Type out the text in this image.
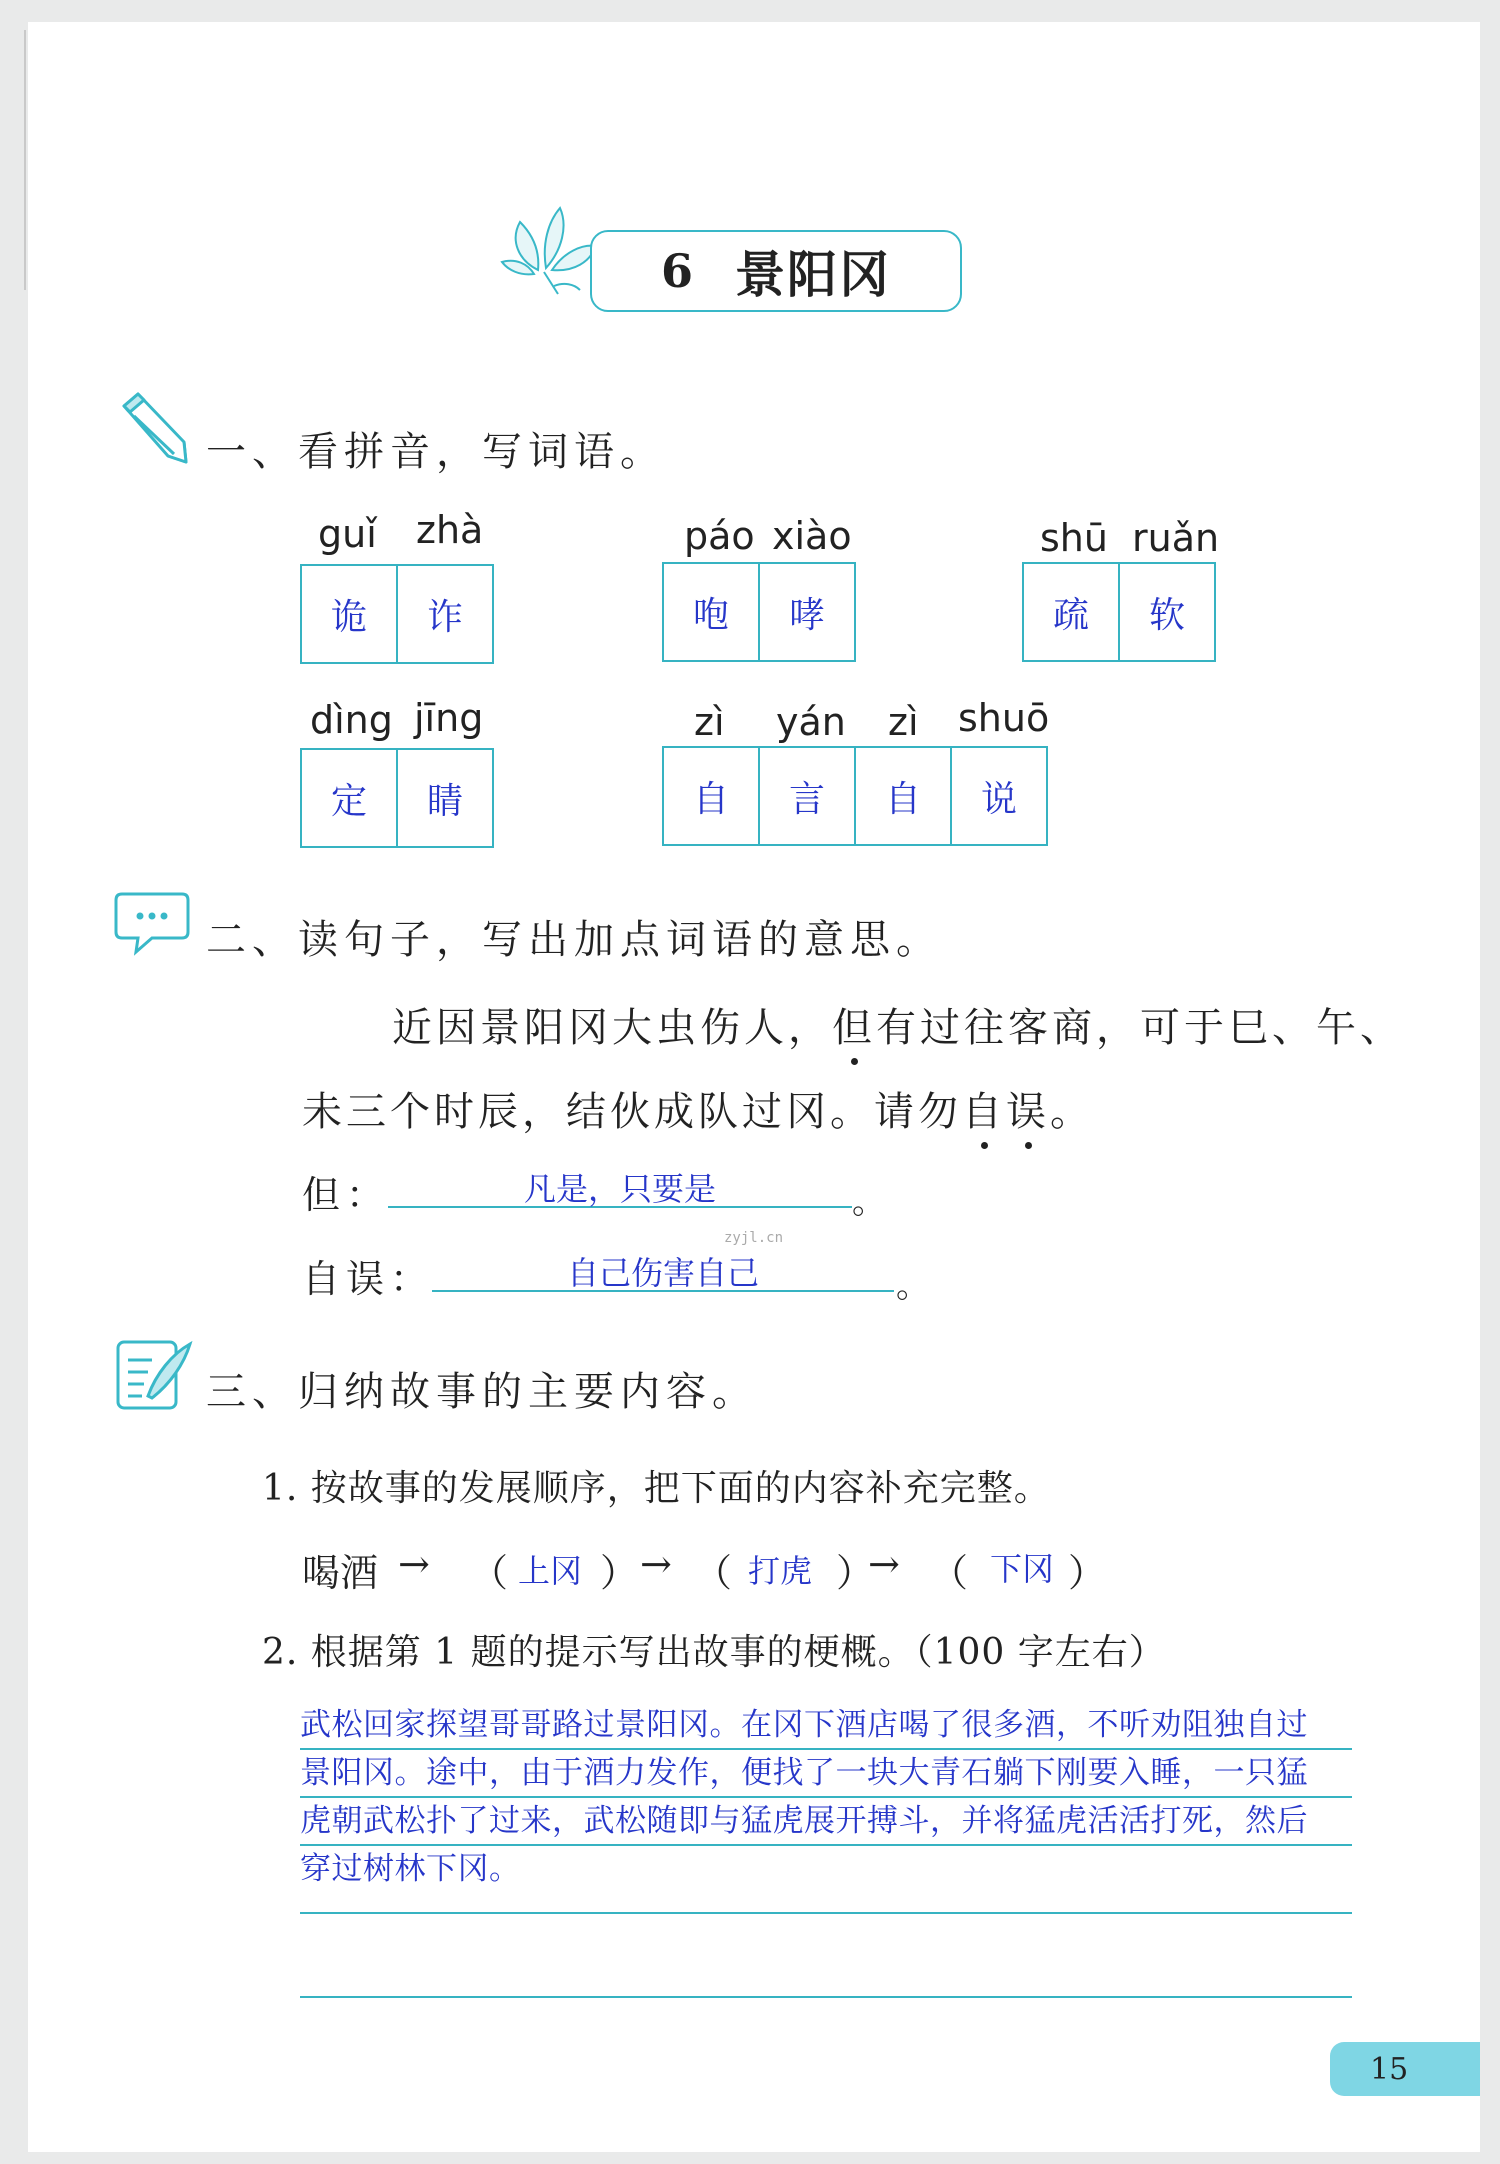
6 景阳冈
一、看拼音，写词语。
guǐ zhà
诡	诈
páo xiào
咆	哮
shū ruǎn
疏	软
dìng jīng
定	睛
zì yán zì shuō
自	言	自	说
二、读句子，写出加点词语的意思。
近因景阳冈大虫伤人，但有过往客商，可于巳、午、
未三个时辰，结伙成队过冈。请勿自误。
但：	凡是，只要是	。
zyjl.cn
自误：	自己伤害自己	。
三、归纳故事的主要内容。
1. 按故事的发展顺序，把下面的内容补充完整。
喝酒 → （ 上冈 ） → （ 打虎 ）
→ （ 下冈 ）
2. 根据第 1 题的提示写出故事的梗概。（100 字左右）
武松回家探望哥哥路过景阳冈。在冈下酒店喝了很多酒，不听劝阻独自过
景阳冈。途中，由于酒力发作，便找了一块大青石躺下刚要入睡，一只猛
虎朝武松扑了过来，武松随即与猛虎展开搏斗，并将猛虎活活打死，然后
穿过树林下冈。
15
